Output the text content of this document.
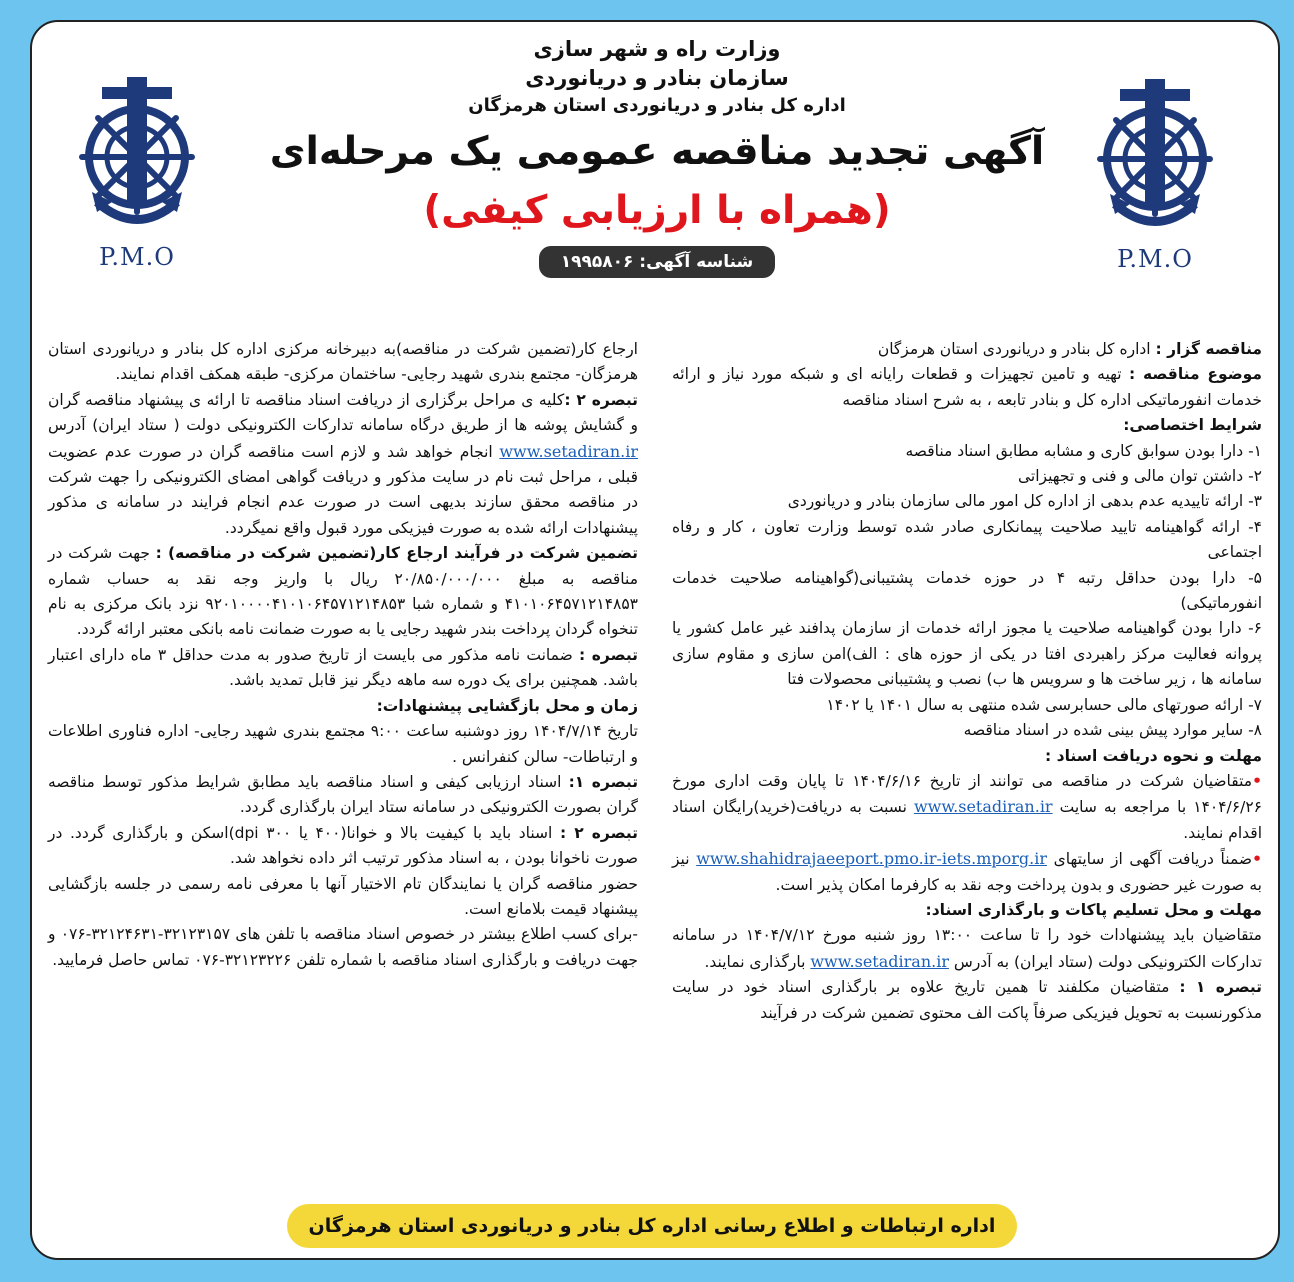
P.M.O
P.M.O
وزارت راه و شهر سازی
سازمان بنادر و دریانوردی
اداره کل بنادر و دریانوردی استان هرمزگان
آگهی تجدید مناقصه عمومی یک مرحله‌ای
(همراه با ارزیابی کیفی)
شناسه آگهی: ۱۹۹۵۸۰۶

مناقصه گزار : اداره کل بنادر و دریانوردی استان هرمزگان

موضوع مناقصه : تهیه و تامین تجهیزات و قطعات رایانه ای و شبکه مورد نیاز و ارائه خدمات انفورماتیکی اداره کل و بنادر تابعه ، به شرح اسناد مناقصه

شرایط اختصاصی:

۱- دارا بودن سوابق کاری و مشابه مطابق اسناد مناقصه

۲- داشتن توان مالی و فنی و تجهیزاتی

۳- ارائه تاییدیه عدم بدهی از اداره کل امور مالی سازمان بنادر و دریانوردی

۴- ارائه گواهینامه تایید صلاحیت پیمانکاری صادر شده توسط وزارت تعاون ، کار و رفاه اجتماعی

۵- دارا بودن حداقل رتبه ۴ در حوزه خدمات پشتیبانی(گواهینامه صلاحیت خدمات انفورماتیکی)

۶- دارا بودن گواهینامه صلاحیت یا مجوز ارائه خدمات از سازمان پدافند غیر عامل کشور یا پروانه فعالیت مرکز راهبردی افتا در یکی از حوزه های : الف)امن سازی و مقاوم سازی سامانه ها ، زیر ساخت ها و سرویس ها ب) نصب و پشتیبانی محصولات فتا

۷- ارائه صورتهای مالی حسابرسی شده منتهی به سال ۱۴۰۱ یا ۱۴۰۲

۸- سایر موارد پیش بینی شده در اسناد مناقصه

مهلت و نحوه دریافت اسناد :

•متقاضیان شرکت در مناقصه می توانند از تاریخ ۱۴۰۴/۶/۱۶ تا پایان وقت اداری مورخ ۱۴۰۴/۶/۲۶ با مراجعه به سایت www.setadiran.ir نسبت به دریافت(خرید)رایگان اسناد اقدام نمایند.

•ضمناً دریافت آگهی از سایتهای www.shahidrajaeeport.pmo.ir-iets.mporg.ir نیز به صورت غیر حضوری و بدون پرداخت وجه نقد به کارفرما امکان پذیر است.

مهلت و محل تسلیم پاکات و بارگذاری اسناد:

متقاضیان باید پیشنهادات خود را تا ساعت ۱۳:۰۰ روز شنبه مورخ ۱۴۰۴/۷/۱۲ در سامانه تدارکات الکترونیکی دولت (ستاد ایران) به آدرس www.setadiran.ir بارگذاری نمایند.

تبصره ۱ : متقاضیان مکلفند تا همین تاریخ علاوه بر بارگذاری اسناد خود در سایت مذکورنسبت به تحویل فیزیکی صرفاً پاکت الف محتوی تضمین شرکت در فرآیند

ارجاع کار(تضمین شرکت در مناقصه)به دبیرخانه مرکزی اداره کل بنادر و دریانوردی استان هرمزگان- مجتمع بندری شهید رجایی- ساختمان مرکزی- طبقه همکف اقدام نمایند.

تبصره ۲ :کلیه ی مراحل برگزاری از دریافت اسناد مناقصه تا ارائه ی پیشنهاد مناقصه گران و گشایش پوشه ها از طریق درگاه سامانه تدارکات الکترونیکی دولت ( ستاد ایران) آدرس www.setadiran.ir انجام خواهد شد و لازم است مناقصه گران در صورت عدم عضویت قبلی ، مراحل ثبت نام در سایت مذکور و دریافت گواهی امضای الکترونیکی را جهت شرکت در مناقصه محقق سازند بدیهی است در صورت عدم انجام فرایند در سامانه ی مذکور پیشنهادات ارائه شده به صورت فیزیکی مورد قبول واقع نمیگردد.

تضمین شرکت در فرآیند ارجاع کار(تضمین شرکت در مناقصه) : جهت شرکت در مناقصه به مبلغ ۲۰/۸۵۰/۰۰۰/۰۰۰ ریال با واریز وجه نقد به حساب شماره ۴۱۰۱۰۶۴۵۷۱۲۱۴۸۵۳ و شماره شبا ۹۲۰۱۰۰۰۰۴۱۰۱۰۶۴۵۷۱۲۱۴۸۵۳ نزد بانک مرکزی به نام تنخواه گردان پرداخت بندر شهید رجایی یا به صورت ضمانت نامه بانکی معتبر ارائه گردد.

تبصره : ضمانت نامه مذکور می بایست از تاریخ صدور به مدت حداقل ۳ ماه دارای اعتبار باشد. همچنین برای یک دوره سه ماهه دیگر نیز قابل تمدید باشد.

زمان و محل بازگشایی پیشنهادات:

تاریخ ۱۴۰۴/۷/۱۴ روز دوشنبه ساعت ۹:۰۰ مجتمع بندری شهید رجایی- اداره فناوری اطلاعات و ارتباطات- سالن کنفرانس .

تبصره ۱: اسناد ارزیابی کیفی و اسناد مناقصه باید مطابق شرایط مذکور توسط مناقصه گران بصورت الکترونیکی در سامانه ستاد ایران بارگذاری گردد.

تبصره ۲ : اسناد باید با کیفیت بالا و خوانا(۴۰۰ یا ۳۰۰ dpi)اسکن و بارگذاری گردد. در صورت ناخوانا بودن ، به اسناد مذکور ترتیب اثر داده نخواهد شد.

حضور مناقصه گران یا نمایندگان تام الاختیار آنها با معرفی نامه رسمی در جلسه بازگشایی پیشنهاد قیمت بلامانع است.

-برای کسب اطلاع بیشتر در خصوص اسناد مناقصه با تلفن های ۳۲۱۲۳۱۵۷-۳۲۱۲۴۶۳۱-۰۷۶ و جهت دریافت و بارگذاری اسناد مناقصه با شماره تلفن ۳۲۱۲۳۲۲۶-۰۷۶ تماس حاصل فرمایید.

اداره ارتباطات و اطلاع رسانی اداره کل بنادر و دریانوردی استان هرمزگان
